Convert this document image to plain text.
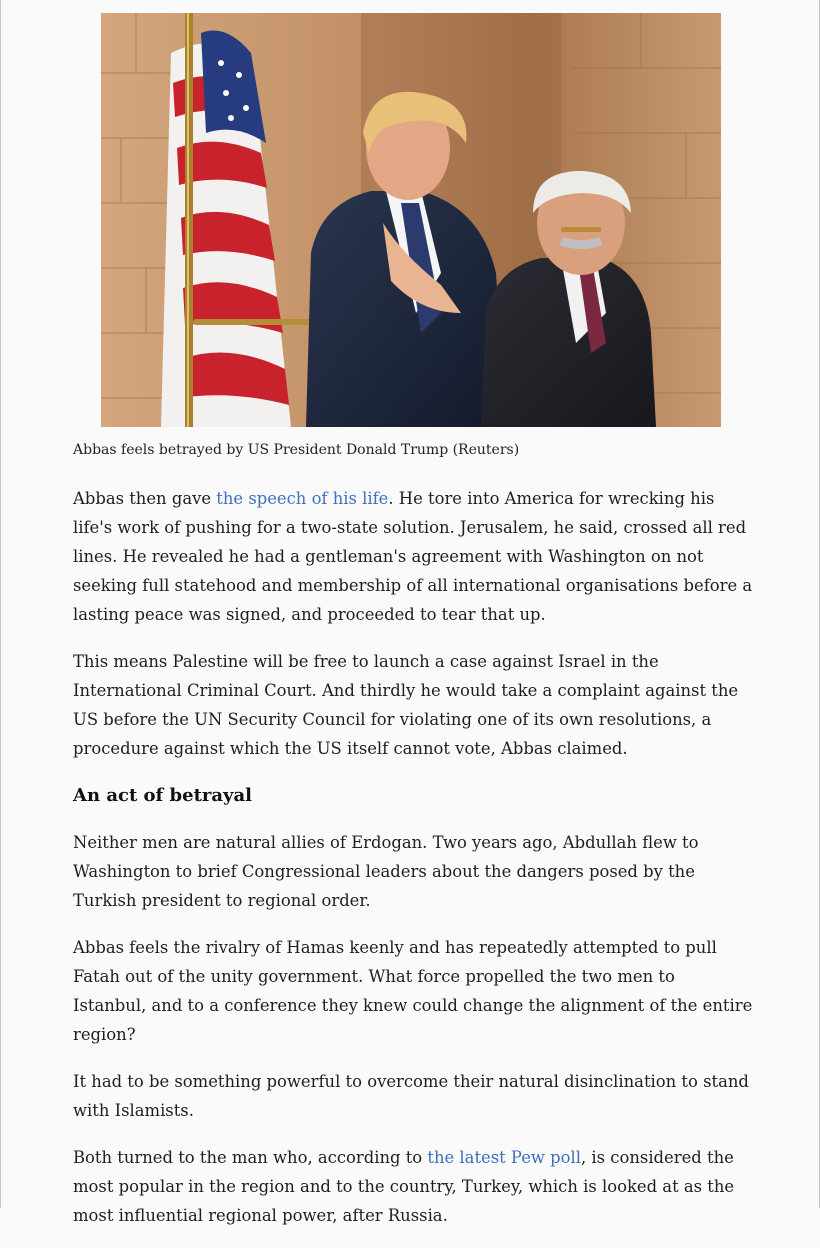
Abbas feels betrayed by US President Donald Trump (Reuters)

Abbas then gave the speech of his life. He tore into America for wrecking his life's work of pushing for a two-state solution. Jerusalem, he said, crossed all red lines. He revealed he had a gentleman's agreement with Washington on not seeking full statehood and membership of all international organisations before a lasting peace was signed, and proceeded to tear that up.

This means Palestine will be free to launch a case against Israel in the International Criminal Court. And thirdly he would take a complaint against the US before the UN Security Council for violating one of its own resolutions, a procedure against which the US itself cannot vote, Abbas claimed.

An act of betrayal

Neither men are natural allies of Erdogan. Two years ago, Abdullah flew to Washington to brief Congressional leaders about the dangers posed by the Turkish president to regional order.

Abbas feels the rivalry of Hamas keenly and has repeatedly attempted to pull Fatah out of the unity government. What force propelled the two men to Istanbul, and to a conference they knew could change the alignment of the entire region?

It had to be something powerful to overcome their natural disinclination to stand with Islamists.

Both turned to the man who, according to the latest Pew poll, is considered the most popular in the region and to the country, Turkey, which is looked at as the most influential regional power, after Russia.
